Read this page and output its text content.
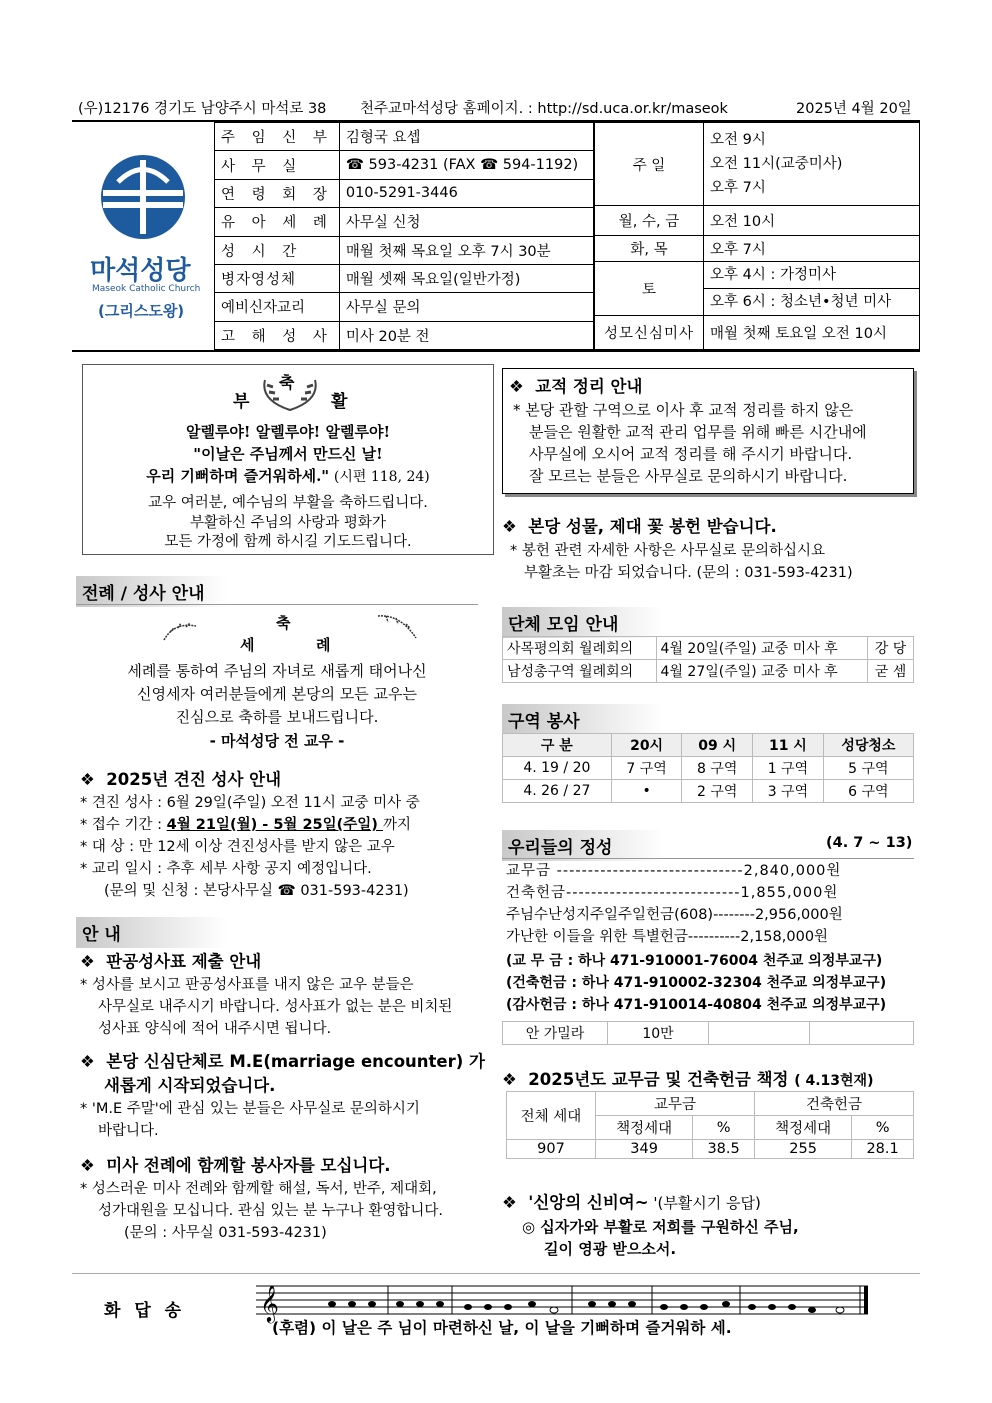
(우)12176 경기도 남양주시 마석로 38 천주교마석성당 홈페이지. : http://sd.uca.or.kr/maseok	2025년 4월 20일
마석성당
Maseok Catholic Church
(그리스도왕)
주 임 신 부	김형국 요셉
사 무 실	☎ 593-4231 (FAX ☎ 594-1192)
연 령 회 장	010-5291-3446
유 아 세 례	사무실 신청
성 시 간	매월 첫째 목요일 오후 7시 30분
병자영성체	매월 셋째 목요일(일반가정)
예비신자교리	사무실 문의
고 해 성 사	미사 20분 전
주 일	오전 9시
오전 11시(교중미사)
오후 7시

월, 수, 금	오전 10시
화, 목	오후 7시
토	오후 4시 : 가정미사
오후 6시 : 청소년•청년 미사

성모신심미사	매월 첫째 토요일 오전 10시
부
축
활
알렐루야! 알렐루야! 알렐루야!
"이날은 주님께서 만드신 날!
우리 기뻐하며 즐거워하세." (시편 118, 24)
교우 여러분, 예수님의 부활을 축하드립니다.
부활하신 주님의 사랑과 평화가
모든 가정에 함께 하시길 기도드립니다.
전례 / 성사 안내
축
세	례
세례를 통하여 주님의 자녀로 새롭게 태어나신
신영세자 여러분들에게 본당의 모든 교우는
진심으로 축하를 보내드립니다.
- 마석성당 전 교우 -
❖ 2025년 견진 성사 안내
* 견진 성사 : 6월 29일(주일) 오전 11시 교중 미사 중
* 접수 기간 : 4월 21일(월) - 5월 25일(주일) 까지
* 대 상 : 만 12세 이상 견진성사를 받지 않은 교우
* 교리 일시 : 추후 세부 사항 공지 예정입니다.
(문의 및 신청 : 본당사무실 ☎ 031-593-4231)
안 내
❖ 판공성사표 제출 안내
* 성사를 보시고 판공성사표를 내지 않은 교우 분들은
사무실로 내주시기 바랍니다. 성사표가 없는 분은 비치된
성사표 양식에 적어 내주시면 됩니다.
❖ 본당 신심단체로 M.E(marriage encounter) 가
새롭게 시작되었습니다.
* 'M.E 주말'에 관심 있는 분들은 사무실로 문의하시기
바랍니다.
❖ 미사 전례에 함께할 봉사자를 모십니다.
* 성스러운 미사 전례와 함께할 해설, 독서, 반주, 제대회,
성가대원을 모십니다. 관심 있는 분 누구나 환영합니다.
(문의 : 사무실 031-593-4231)
❖ 교적 정리 안내
* 본당 관할 구역으로 이사 후 교적 정리를 하지 않은
분들은 원활한 교적 관리 업무를 위해 빠른 시간내에
사무실에 오시어 교적 정리를 해 주시기 바랍니다.
잘 모르는 분들은 사무실로 문의하시기 바랍니다.
❖ 본당 성물, 제대 꽃 봉헌 받습니다.
* 봉헌 관련 자세한 사항은 사무실로 문의하십시요
부활초는 마감 되었습니다. (문의 : 031-593-4231)
단체 모임 안내
사목평의회 월례회의	4월 20일(주일) 교중 미사 후	강 당
남성총구역 월례회의	4월 27일(주일) 교중 미사 후	굳 셈
구역 봉사
구 분	20시	09 시	11 시	성당청소
4. 19 / 20	7 구역	8 구역	1 구역	5 구역
4. 26 / 27	•	2 구역	3 구역	6 구역
우리들의 정성	(4. 7 ~ 13)
교무금 ------------------------------2,840,000원
건축헌금----------------------------1,855,000원
주님수난성지주일주일헌금(608)--------2,956,000원
가난한 이들을 위한 특별헌금----------2,158,000원
(교 무 금 : 하나 471-910001-76004 천주교 의정부교구)
(건축헌금 : 하나 471-910002-32304 천주교 의정부교구)
(감사헌금 : 하나 471-910014-40804 천주교 의정부교구)
안 가밀라	10만		
❖ 2025년도 교무금 및 건축헌금 책정 ( 4.13현재)
전체 세대	교무금		건축헌금	
	책정세대	%	책정세대	%
907	349	38.5	255	28.1
❖ '신앙의 신비여~ '(부활시기 응답)
◎ 십자가와 부활로 저희를 구원하신 주님,
길이 영광 받으소서.
화 답 송 𝄞
(후렴) 이 날은 주 님이 마련하신 날, 이 날을 기뻐하며 즐거워하 세.
